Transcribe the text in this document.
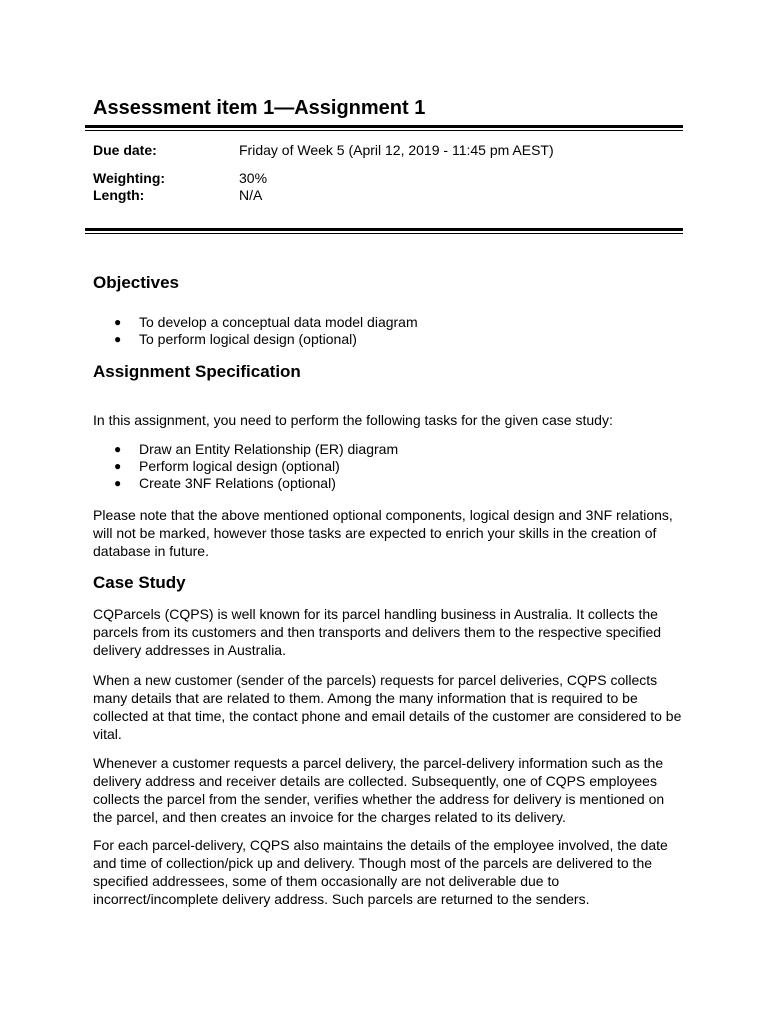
Assessment item 1—Assignment 1
Due date:	Friday of Week 5 (April 12, 2019 - 11:45 pm AEST)
Weighting:	30%
Length:	N/A
Objectives
● To develop a conceptual data model diagram
● To perform logical design (optional)
Assignment Specification

In this assignment, you need to perform the following tasks for the given case study:

● Draw an Entity Relationship (ER) diagram
● Perform logical design (optional)
● Create 3NF Relations (optional)

Please note that the above mentioned optional components, logical design and 3NF relations, will not be marked, however those tasks are expected to enrich your skills in the creation of database in future.

Case Study

CQParcels (CQPS) is well known for its parcel handling business in Australia. It collects the parcels from its customers and then transports and delivers them to the respective specified delivery addresses in Australia.

When a new customer (sender of the parcels) requests for parcel deliveries, CQPS collects many details that are related to them. Among the many information that is required to be collected at that time, the contact phone and email details of the customer are considered to be vital.

Whenever a customer requests a parcel delivery, the parcel-delivery information such as the delivery address and receiver details are collected. Subsequently, one of CQPS employees collects the parcel from the sender, verifies whether the address for delivery is mentioned on the parcel, and then creates an invoice for the charges related to its delivery.

For each parcel-delivery, CQPS also maintains the details of the employee involved, the date and time of collection/pick up and delivery. Though most of the parcels are delivered to the specified addressees, some of them occasionally are not deliverable due to incorrect/incomplete delivery address. Such parcels are returned to the senders.
